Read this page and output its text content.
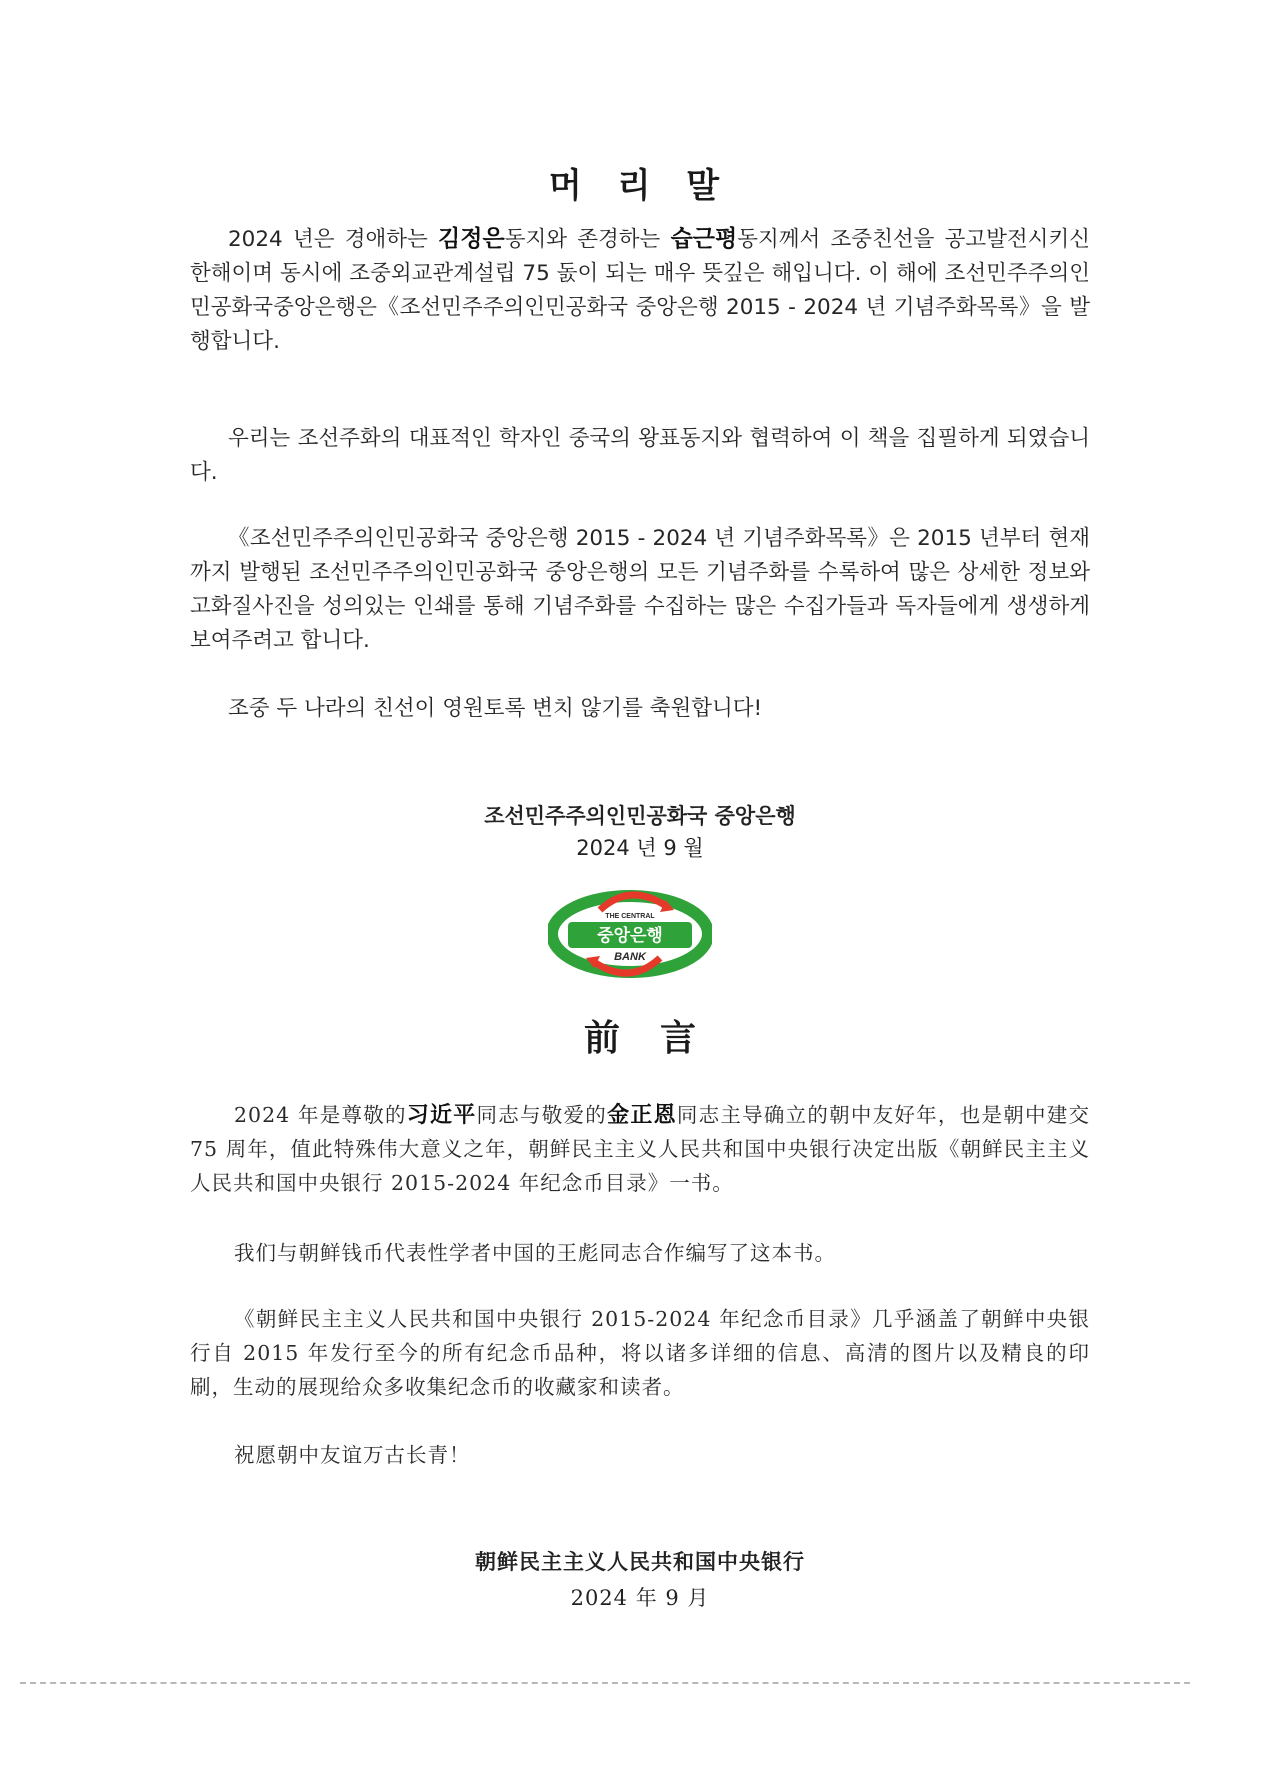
머 리 말

2024 년은 경애하는 김정은동지와 존경하는 습근평동지께서 조중친선을 공고발전시키신 한해이며 동시에 조중외교관계설립 75 돐이 되는 매우 뜻깊은 해입니다. 이 해에 조선민주주의인민공화국중앙은행은《조선민주주의인민공화국 중앙은행 2015 - 2024 년 기념주화목록》을 발행합니다.

우리는 조선주화의 대표적인 학자인 중국의 왕표동지와 협력하여 이 책을 집필하게 되였습니다.

《조선민주주의인민공화국 중앙은행 2015 - 2024 년 기념주화목록》은 2015 년부터 현재까지 발행된 조선민주주의인민공화국 중앙은행의 모든 기념주화를 수록하여 많은 상세한 정보와 고화질사진을 성의있는 인쇄를 통해 기념주화를 수집하는 많은 수집가들과 독자들에게 생생하게 보여주려고 합니다.

조중 두 나라의 친선이 영원토록 변치 않기를 축원합니다!

조선민주주의인민공화국 중앙은행
2024 년 9 월
THE CENTRAL
중앙은행
BANK
前言

2024 年是尊敬的习近平同志与敬爱的金正恩同志主导确立的朝中友好年，也是朝中建交 75 周年，值此特殊伟大意义之年，朝鲜民主主义人民共和国中央银行决定出版《朝鲜民主主义人民共和国中央银行 2015-2024 年纪念币目录》一书。

我们与朝鲜钱币代表性学者中国的王彪同志合作编写了这本书。

《朝鲜民主主义人民共和国中央银行 2015-2024 年纪念币目录》几乎涵盖了朝鲜中央银行自 2015 年发行至今的所有纪念币品种，将以诸多详细的信息、高清的图片以及精良的印刷，生动的展现给众多收集纪念币的收藏家和读者。

祝愿朝中友谊万古长青！

朝鲜民主主义人民共和国中央银行
2024 年 9 月
